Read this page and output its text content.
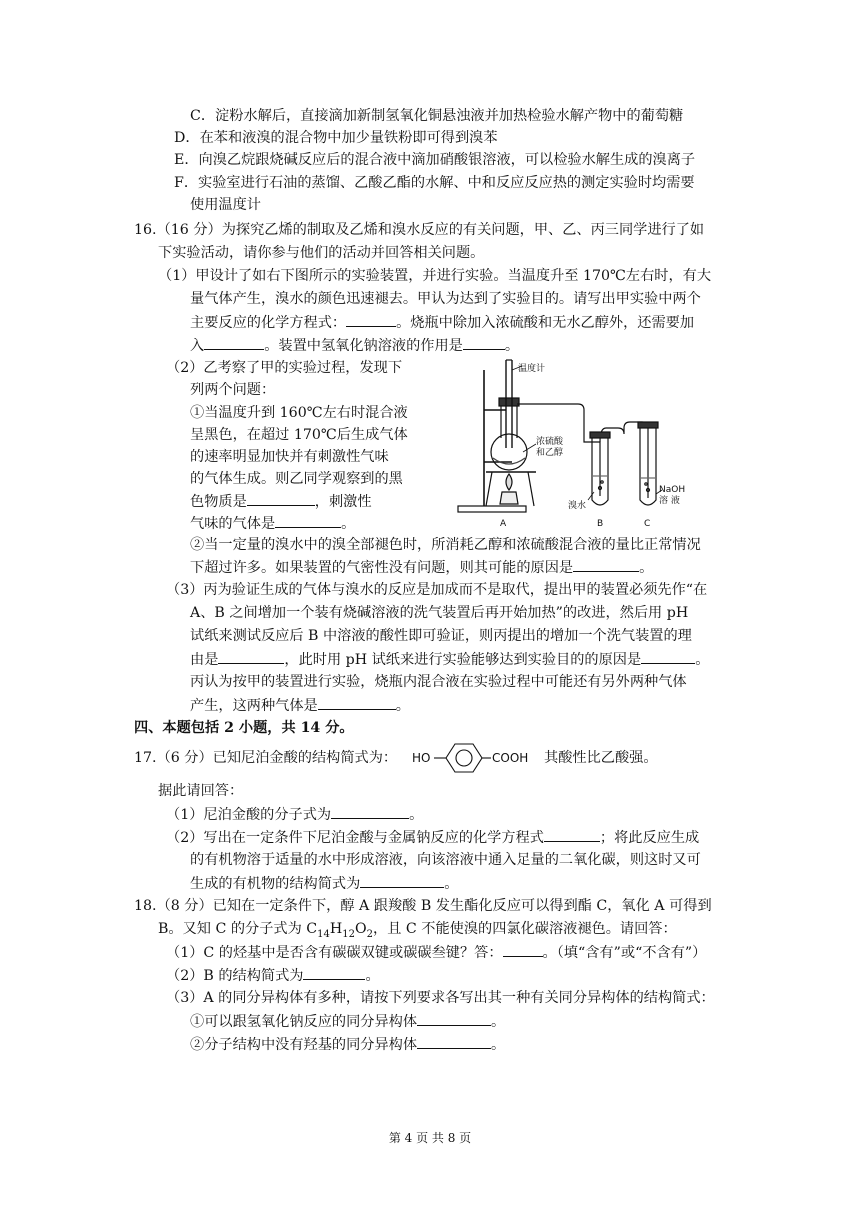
C．淀粉水解后，直接滴加新制氢氧化铜悬浊液并加热检验水解产物中的葡萄糖
D．在苯和液溴的混合物中加少量铁粉即可得到溴苯
E．向溴乙烷跟烧碱反应后的混合液中滴加硝酸银溶液，可以检验水解生成的溴离子
F．实验室进行石油的蒸馏、乙酸乙酯的水解、中和反应反应热的测定实验时均需要
使用温度计
16.（16 分）为探究乙烯的制取及乙烯和溴水反应的有关问题，甲、乙、丙三同学进行了如
下实验活动，请你参与他们的活动并回答相关问题。
（1）甲设计了如右下图所示的实验装置，并进行实验。当温度升至 170℃左右时，有大
量气体产生，溴水的颜色迅速褪去。甲认为达到了实验目的。请写出甲实验中两个
主要反应的化学方程式：	。烧瓶中除加入浓硫酸和无水乙醇外，还需要加
入	。装置中氢氧化钠溶液的作用是	。
（2）乙考察了甲的实验过程，发现下
列两个问题：
①当温度升到 160℃左右时混合液
呈黑色，在超过 170℃后生成气体
的速率明显加快并有刺激性气味
的气体生成。则乙同学观察到的黑
色物质是	，刺激性
气味的气体是	。
②当一定量的溴水中的溴全部褪色时，所消耗乙醇和浓硫酸混合液的量比正常情况
下超过许多。如果装置的气密性没有问题，则其可能的原因是	。
（3）丙为验证生成的气体与溴水的反应是加成而不是取代，提出甲的装置必须先作“在
A、B 之间增加一个装有烧碱溶液的洗气装置后再开始加热”的改进，然后用 pH
试纸来测试反应后 B 中溶液的酸性即可验证，则丙提出的增加一个洗气装置的理
由是	，此时用 pH 试纸来进行实验能够达到实验目的的原因是	。
丙认为按甲的装置进行实验，烧瓶内混合液在实验过程中可能还有另外两种气体
产生，这两种气体是	。
温度计
浓硫酸
和乙醇
溴水
NaOH
溶 液
A	B	C
四、本题包括 2 小题，共 14 分。
17.（6 分）已知尼泊金酸的结构简式为： HO	COOH 其酸性比乙酸强。
据此请回答：
（1）尼泊金酸的分子式为	。
（2）写出在一定条件下尼泊金酸与金属钠反应的化学方程式	；将此反应生成
的有机物溶于适量的水中形成溶液，向该溶液中通入足量的二氧化碳，则这时又可
生成的有机物的结构简式为	。
18.（8 分）已知在一定条件下，醇 A 跟羧酸 B 发生酯化反应可以得到酯 C，氧化 A 可得到
B。又知 C 的分子式为 $C_{14}H_{12}O_2$，且 C 不能使溴的四氯化碳溶液褪色。请回答：
（1）C 的烃基中是否含有碳碳双键或碳碳叁键？答：	。（填“含有”或“不含有”）
（2）B 的结构简式为	。
（3）A 的同分异构体有多种，请按下列要求各写出其一种有关同分异构体的结构简式：
①可以跟氢氧化钠反应的同分异构体	。
②分子结构中没有羟基的同分异构体	。
第 4 页 共 8 页
